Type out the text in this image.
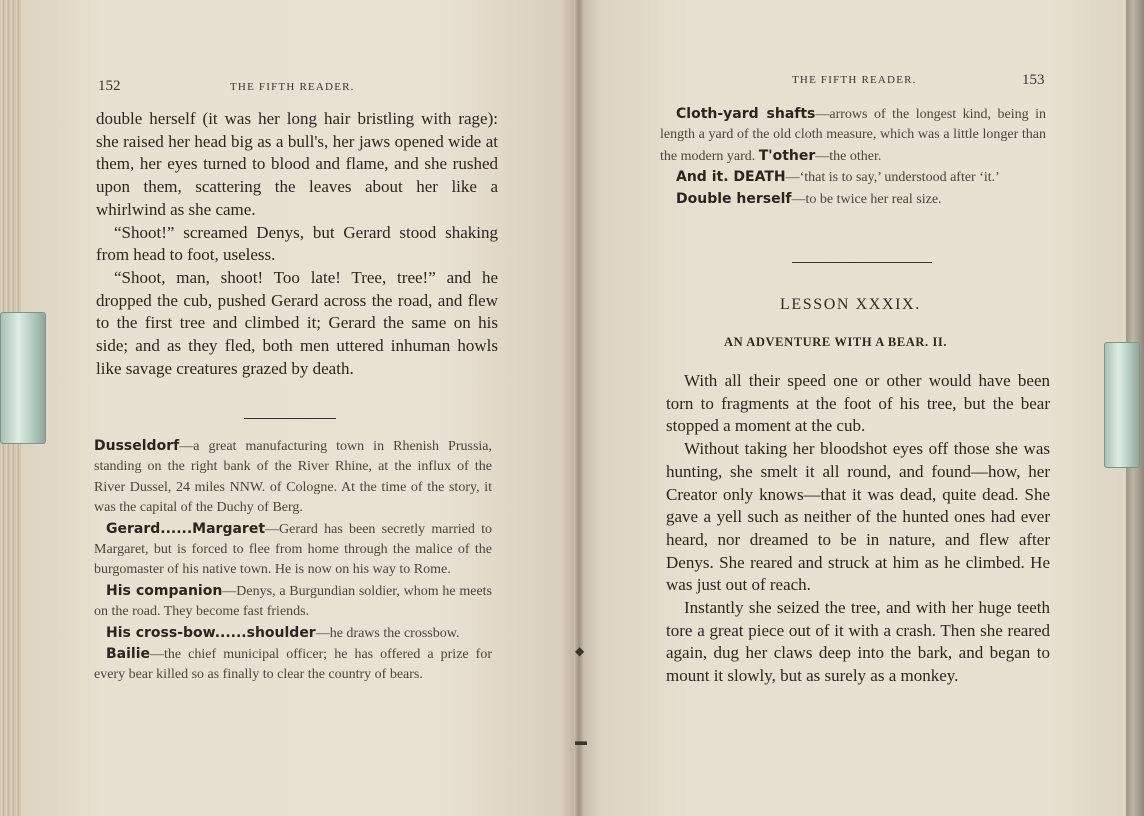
152	THE FIFTH READER.

double herself (it was her long hair bristling with rage): she raised her head big as a bull's, her jaws opened wide at them, her eyes turned to blood and flame, and she rushed upon them, scattering the leaves about her like a whirlwind as she came.

“Shoot!” screamed Denys, but Gerard stood shaking from head to foot, useless.

“Shoot, man, shoot! Too late! Tree, tree!” and he dropped the cub, pushed Gerard across the road, and flew to the first tree and climbed it; Gerard the same on his side; and as they fled, both men uttered inhuman howls like savage creatures grazed by death.

Dusseldorf—a great manufacturing town in Rhenish Prussia, standing on the right bank of the River Rhine, at the influx of the River Dussel, 24 miles NNW. of Cologne. At the time of the story, it was the capital of the Duchy of Berg.

Gerard......Margaret—Gerard has been secretly married to Margaret, but is forced to flee from home through the malice of the burgomaster of his native town. He is now on his way to Rome.

His companion—Denys, a Burgundian soldier, whom he meets on the road. They become fast friends.

His cross-bow......shoulder—he draws the crossbow.

Bailie—the chief municipal officer; he has offered a prize for every bear killed so as finally to clear the country of bears.

THE FIFTH READER.	153

Cloth-yard shafts—arrows of the longest kind, being in length a yard of the old cloth measure, which was a little longer than the modern yard. T'other—the other.

And it. DEATH—‘that is to say,’ understood after ‘it.’

Double herself—to be twice her real size.

LESSON XXXIX.
AN ADVENTURE WITH A BEAR. II.

With all their speed one or other would have been torn to fragments at the foot of his tree, but the bear stopped a moment at the cub.

Without taking her bloodshot eyes off those she was hunting, she smelt it all round, and found—how, her Creator only knows—that it was dead, quite dead. She gave a yell such as neither of the hunted ones had ever heard, nor dreamed to be in nature, and flew after Denys. She reared and struck at him as he climbed. He was just out of reach.

Instantly she seized the tree, and with her huge teeth tore a great piece out of it with a crash. Then she reared again, dug her claws deep into the bark, and began to mount it slowly, but as surely as a monkey.

◆
▬
